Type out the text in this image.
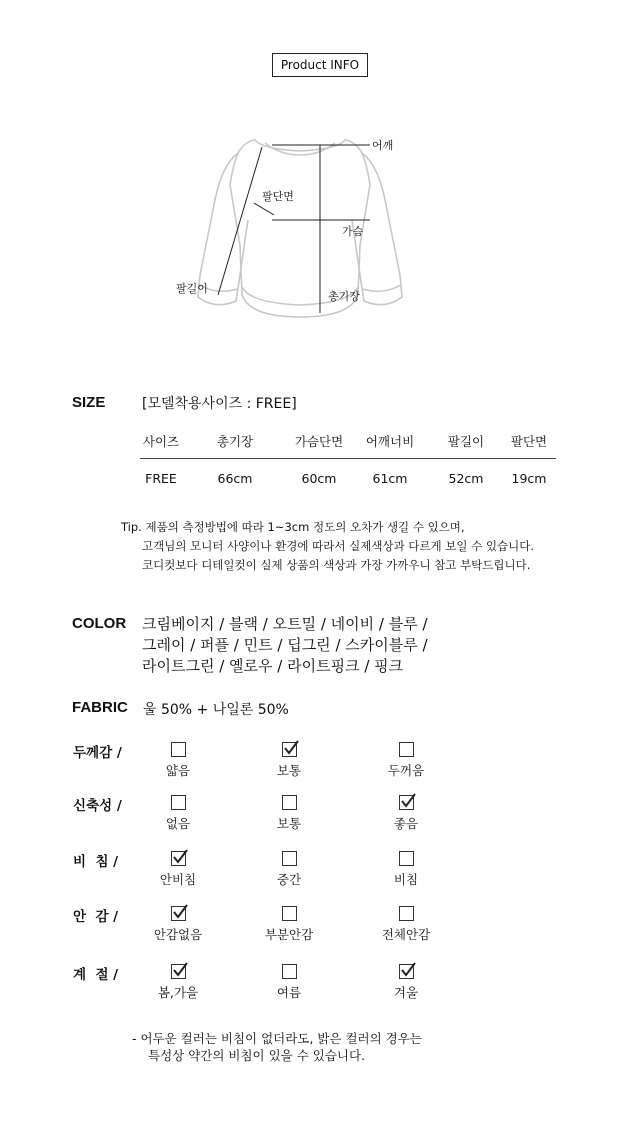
Product INFO
어깨
팔단면
가슴
팔길이
총기장
SIZE	[모델착용사이즈 : FREE]
사이즈	총기장	가슴단면	어깨너비	팔길이	팔단면
FREE	66cm	60cm	61cm	52cm	19cm
Tip. 제품의 측정방법에 따라 1~3cm 정도의 오차가 생길 수 있으며,
고객님의 모니터 사양이나 환경에 따라서 실제색상과 다르게 보일 수 있습니다.
코디컷보다 디테일컷이 실제 상품의 색상과 가장 가까우니 참고 부탁드립니다.
COLOR 크림베이지 / 블랙 / 오트밀 / 네이비 / 블루 /
그레이 / 퍼플 / 민트 / 딥그린 / 스카이블루 /
라이트그린 / 옐로우 / 라이트핑크 / 핑크
FABRIC 울 50% + 나일론 50%
두께감 /
얇음	보통	두꺼움
신축성 /
없음	보통	좋음
비  침 /
안비침	중간	비침
안  감 /
안감없음	부분안감	전체안감
계  절 /
봄,가을	여름	겨울
- 어두운 컬러는 비침이 없더라도, 밝은 컬러의 경우는
특성상 약간의 비침이 있을 수 있습니다.
